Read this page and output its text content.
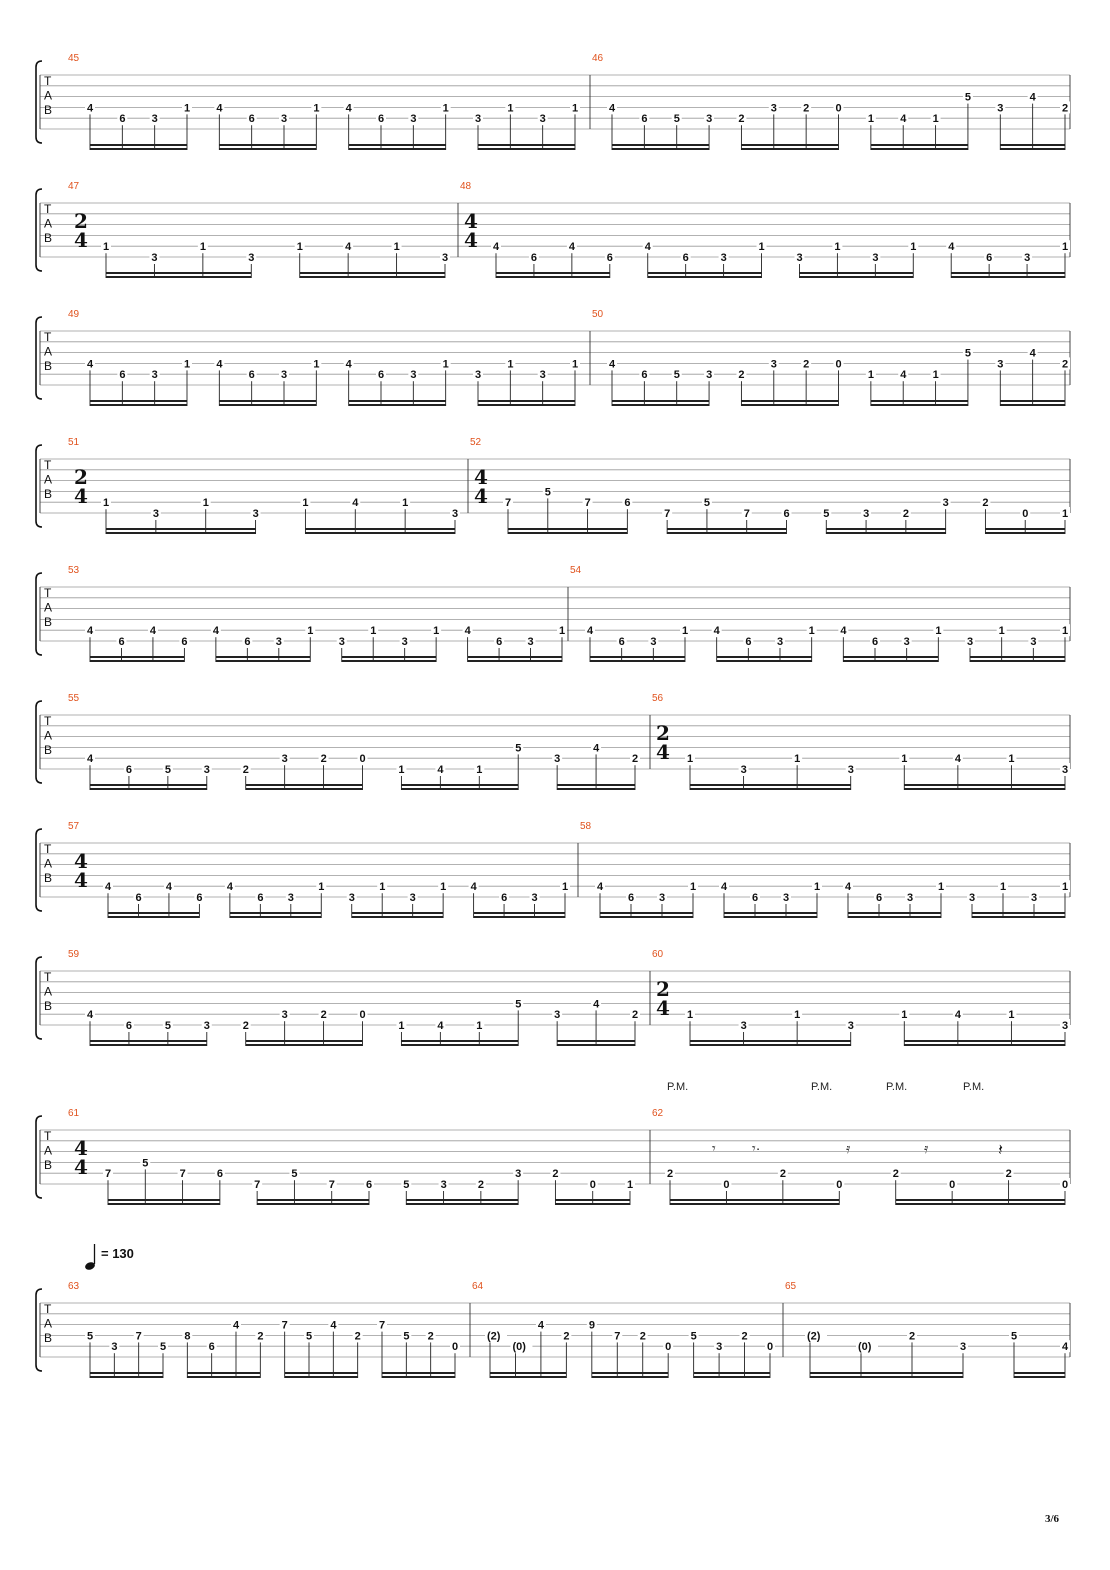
= 130
P.M.	P.M.	P.M.	P.M.
𝄾	𝄾·	𝄿	𝄿	𝄽
T
A
B
45
4
6 3
1 4
6 3
1 4
6 3
1
3
1
3
1
46
4
6 5 3 2
3 2 0
1 4 1
5
3
4
2
T
A
B
47
2
4 1
3
1
3
1	4	1
3
48
4
4 4
6
4
6
4
6	3
1
3
1
3
1	4
6	3
1
T
A
B
49
4
6 3
1 4
6 3
1 4
6 3
1
3
1
3
1
50
4
6 5 3 2
3 2 0
1 4 1
5
3
4
2
T
A
B
51
2
4 1
3
1
3
1	4	1
3
52
4
4 7
5
7	6
7
5
7	6	5	3	2
3	2
0	1
T
A
B
53
4
6
4
6
4
6 3
1
3
1
3
1 4
6 3
1
54
4
6 3
1 4
6 3
1 4
6 3
1
3
1
3
1
T
A
B
55
4
6	5	3	2
3	2	0
1	4	1
5
3
4
2
56
2
4 1
3
1
3
1	4	1
3
T
A
B
57
4
4 4
6
4
6
4
6 3
1
3
1
3
1 4
6 3
1
58
4
6 3
1 4
6 3
1 4
6 3
1
3
1
3
1
T
A
B
59
4
6	5	3	2
3	2	0
1	4	1
5
3
4
2
60
2
4 1
3
1
3
1	4	1
3
T
A
B
61
4
4 7
5
7	6
7
5
7	6	5	3	2
3	2
0	1
62
2
0
2
0
2
0
2
0
T
A
B
63
5
3
7
5
8
6
4
2
7
5
4
2
7
5 2
0
64
(2)
(0)
4
2
9
7 2
0
5
3
2
0
65
(2)
(0)
2
3
5
4
3/6
